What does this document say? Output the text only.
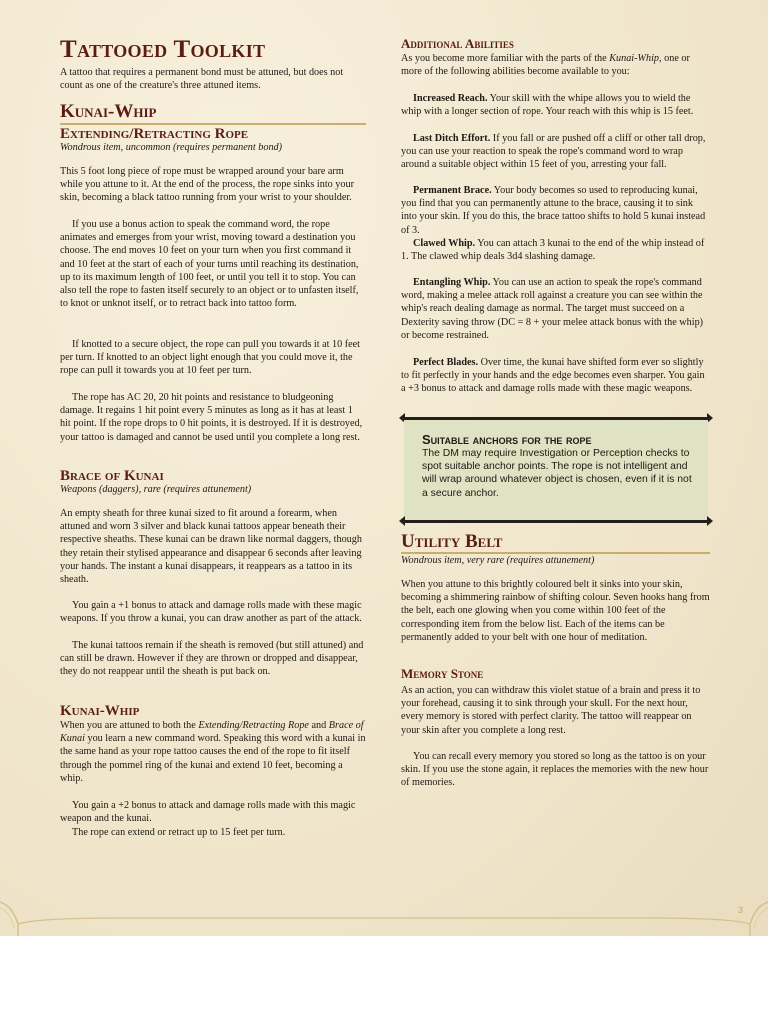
Tattooed Toolkit
A tattoo that requires a permanent bond must be attuned, but does not count as one of the creature's three attuned items.
Kunai-Whip
Extending/Retracting Rope
Wondrous item, uncommon (requires permanent bond)
This 5 foot long piece of rope must be wrapped around your bare arm while you attune to it. At the end of the process, the rope sinks into your skin, becoming a black tattoo running from your wrist to your shoulder.
If you use a bonus action to speak the command word, the rope animates and emerges from your wrist, moving toward a destination you choose. The end moves 10 feet on your turn when you first command it and 10 feet at the start of each of your turns until reaching its destination, up to its maximum length of 100 feet, or until you tell it to stop. You can also tell the rope to fasten itself securely to an object or to unfasten itself, to knot or unknot itself, or to retract back into tattoo form.
If knotted to a secure object, the rope can pull you towards it at 10 feet per turn. If knotted to an object light enough that you could move it, the rope can pull it towards you at 10 feet per turn.
The rope has AC 20, 20 hit points and resistance to bludgeoning damage. It regains 1 hit point every 5 minutes as long as it has at least 1 hit point. If the rope drops to 0 hit points, it is destroyed. If it is destroyed, your tattoo is damaged and cannot be used until you complete a long rest.
Brace of Kunai
Weapons (daggers), rare (requires attunement)
An empty sheath for three kunai sized to fit around a forearm, when attuned and worn 3 silver and black kunai tattoos appear beneath their respective sheaths. These kunai can be drawn like normal daggers, though they retain their stylised appearance and disappear 6 seconds after leaving your hands. The instant a kunai disappears, it reappears as a tattoo in its sheath.
You gain a +1 bonus to attack and damage rolls made with these magic weapons. If you throw a kunai, you can draw another as part of the attack.
The kunai tattoos remain if the sheath is removed (but still attuned) and can still be drawn. However if they are thrown or dropped and disappear, they do not reappear until the sheath is put back on.
Kunai-Whip
When you are attuned to both the Extending/Retracting Rope and Brace of Kunai you learn a new command word. Speaking this word with a kunai in the same hand as your rope tattoo causes the end of the rope to fit itself through the pommel ring of the kunai and extend 10 feet, becoming a whip.
You gain a +2 bonus to attack and damage rolls made with this magic weapon and the kunai.
The rope can extend or retract up to 15 feet per turn.
Additional Abilities
As you become more familiar with the parts of the Kunai-Whip, one or more of the following abilities become available to you:
Increased Reach. Your skill with the whipe allows you to wield the whip with a longer section of rope. Your reach with this whip is 15 feet.
Last Ditch Effort. If you fall or are pushed off a cliff or other tall drop, you can use your reaction to speak the rope's command word to wrap around a suitable object within 15 feet of you, arresting your fall.
Permanent Brace. Your body becomes so used to reproducing kunai, you find that you can permanently attune to the brace, causing it to sink into your skin. If you do this, the brace tattoo shifts to hold 5 kunai instead of 3.
Clawed Whip. You can attach 3 kunai to the end of the whip instead of 1. The clawed whip deals 3d4 slashing damage.
Entangling Whip. You can use an action to speak the rope's command word, making a melee attack roll against a creature you can see within the whip's reach dealing damage as normal. The target must succeed on a Dexterity saving throw (DC = 8 + your melee attack bonus with the whip) or become restrained.
Perfect Blades. Over time, the kunai have shifted form ever so slightly to fit perfectly in your hands and the edge becomes even sharper. You gain a +3 bonus to attack and damage rolls made with these magic weapons.
Suitable anchors for the rope
The DM may require Investigation or Perception checks to spot suitable anchor points. The rope is not intelligent and will wrap around whatever object is chosen, even if it is not a secure anchor.
Utility Belt
Wondrous item, very rare (requires attunement)
When you attune to this brightly coloured belt it sinks into your skin, becoming a shimmering rainbow of shifting colour. Seven hooks hang from the belt, each one glowing when you come within 100 feet of the corresponding item from the below list. Each of the items can be permanently added to your belt with one hour of meditation.
Memory Stone
As an action, you can withdraw this violet statue of a brain and press it to your forehead, causing it to sink through your skull. For the next hour, every memory is stored with perfect clarity. The tattoo will reappear on your skin after you complete a long rest.
You can recall every memory you stored so long as the tattoo is on your skin. If you use the stone again, it replaces the memories with the new hour of memories.
3
